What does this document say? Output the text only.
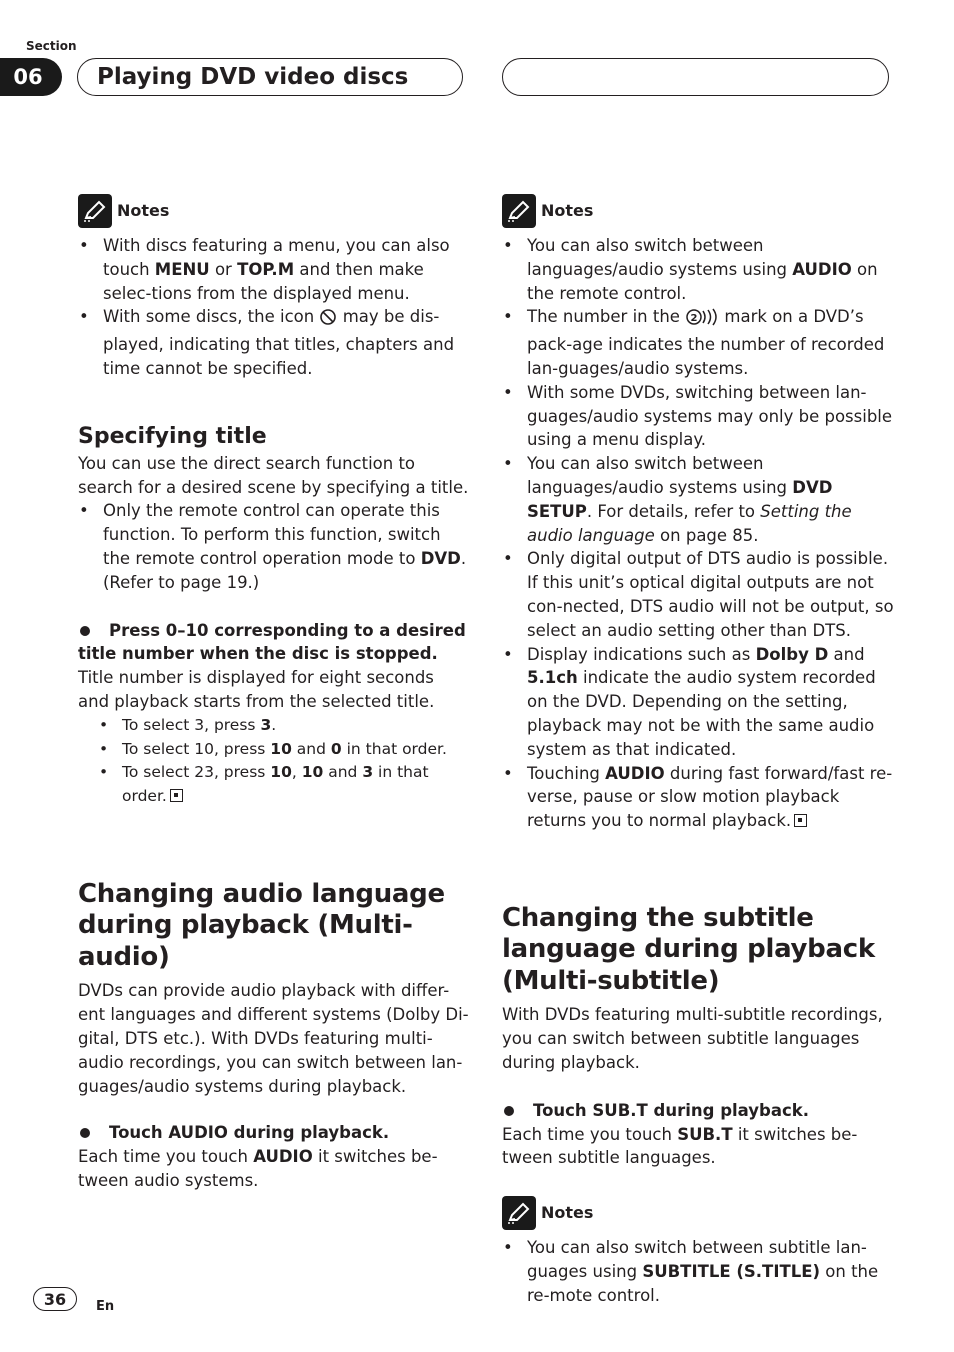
Section
06	Playing DVD video discs
Notes
• With discs featuring a menu, you can also touch MENU or TOP.M and then make selec-tions from the displayed menu.
• With some discs, the icon  may be dis-played, indicating that titles, chapters and time cannot be specified.
Specifying title

You can use the direct search function to search for a desired scene by specifying a title.

• Only the remote control can operate this function. To perform this function, switch the remote control operation mode to DVD. (Refer to page 19.)
Press 0–10 corresponding to a desired title number when the disc is stopped.

Title number is displayed for eight seconds and playback starts from the selected title.

• To select 3, press 3.
• To select 10, press 10 and 0 in that order.
• To select 23, press 10, 10 and 3 in that order.
Changing audio language during playback (Multi-audio)

DVDs can provide audio playback with differ-ent languages and different systems (Dolby Di-gital, DTS etc.). With DVDs featuring multi-audio recordings, you can switch between lan-guages/audio systems during playback.

Touch AUDIO during playback.

Each time you touch AUDIO it switches be-tween audio systems.

Notes
• You can also switch between languages/audio systems using AUDIO on the remote control.
• The number in the 2 mark on a DVD’s pack-age indicates the number of recorded lan-guages/audio systems.
• With some DVDs, switching between lan-guages/audio systems may only be possible using a menu display.
• You can also switch between languages/audio systems using DVD SETUP. For details, refer to Setting the audio language on page 85.
• Only digital output of DTS audio is possible. If this unit’s optical digital outputs are not con-nected, DTS audio will not be output, so select an audio setting other than DTS.
• Display indications such as Dolby D and 5.1ch indicate the audio system recorded on the DVD. Depending on the setting, playback may not be with the same audio system as that indicated.
• Touching AUDIO during fast forward/fast re-verse, pause or slow motion playback returns you to normal playback.
Changing the subtitle language during playback (Multi-subtitle)

With DVDs featuring multi-subtitle recordings, you can switch between subtitle languages during playback.

Touch SUB.T during playback.

Each time you touch SUB.T it switches be-tween subtitle languages.

Notes
• You can also switch between subtitle lan-guages using SUBTITLE (S.TITLE) on the re-mote control.
36	En
